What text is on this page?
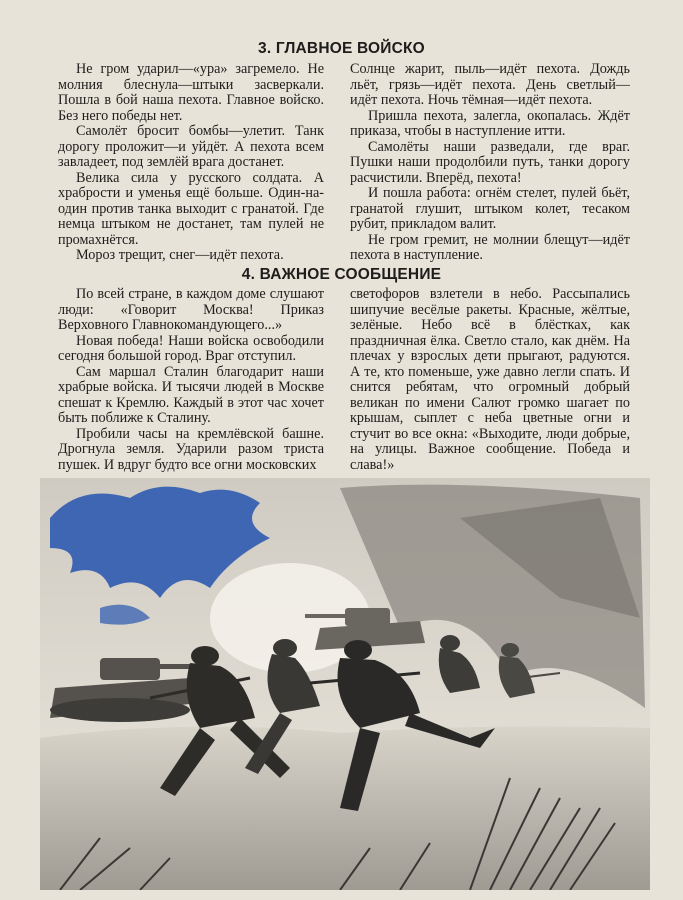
3. ГЛАВНОЕ ВОЙСКО

Не гром ударил—«ура» загремело. Не молния блеснула—штыки засверкали. Пошла в бой наша пехота. Главное войско. Без него победы нет.

Самолёт бросит бомбы—улетит. Танк дорогу проложит—и уйдёт. А пехота всем завладеет, под землёй врага достанет.

Велика сила у русского солдата. А храбрости и уменья ещё больше. Один-на-один против танка выходит с гранатой. Где немца штыком не достанет, там пулей не промахнётся.

Мороз трещит, снег—идёт пехота.

Солнце жарит, пыль—идёт пехота. Дождь льёт, грязь—идёт пехота. День светлый—идёт пехота. Ночь тёмная—идёт пехота.

Пришла пехота, залегла, окопалась. Ждёт приказа, чтобы в наступление итти.

Самолёты наши разведали, где враг. Пушки наши продолбили путь, танки дорогу расчистили. Вперёд, пехота!

И пошла работа: огнём стелет, пулей бьёт, гранатой глушит, штыком колет, тесаком рубит, прикладом валит.

Не гром гремит, не молнии блещут—идёт пехота в наступление.

4. ВАЖНОЕ СООБЩЕНИЕ

По всей стране, в каждом доме слушают люди: «Говорит Москва! Приказ Верховного Главнокомандующего...»

Новая победа! Наши войска освободили сегодня большой город. Враг отступил.

Сам маршал Сталин благодарит наши храбрые войска. И тысячи людей в Москве спешат к Кремлю. Каждый в этот час хочет быть поближе к Сталину.

Пробили часы на кремлёвской башне. Дрогнула земля. Ударили разом триста пушек. И вдруг будто все огни московских

светофоров взлетели в небо. Рассыпались шипучие весёлые ракеты. Красные, жёлтые, зелёные. Небо всё в блёстках, как праздничная ёлка. Светло стало, как днём. На плечах у взрослых дети прыгают, радуются. А те, кто поменьше, уже давно легли спать. И снится ребятам, что огромный добрый великан по имени Салют громко шагает по крышам, сыплет с неба цветные огни и стучит во все окна: «Выходите, люди добрые, на улицы. Важное сообщение. Победа и слава!»
